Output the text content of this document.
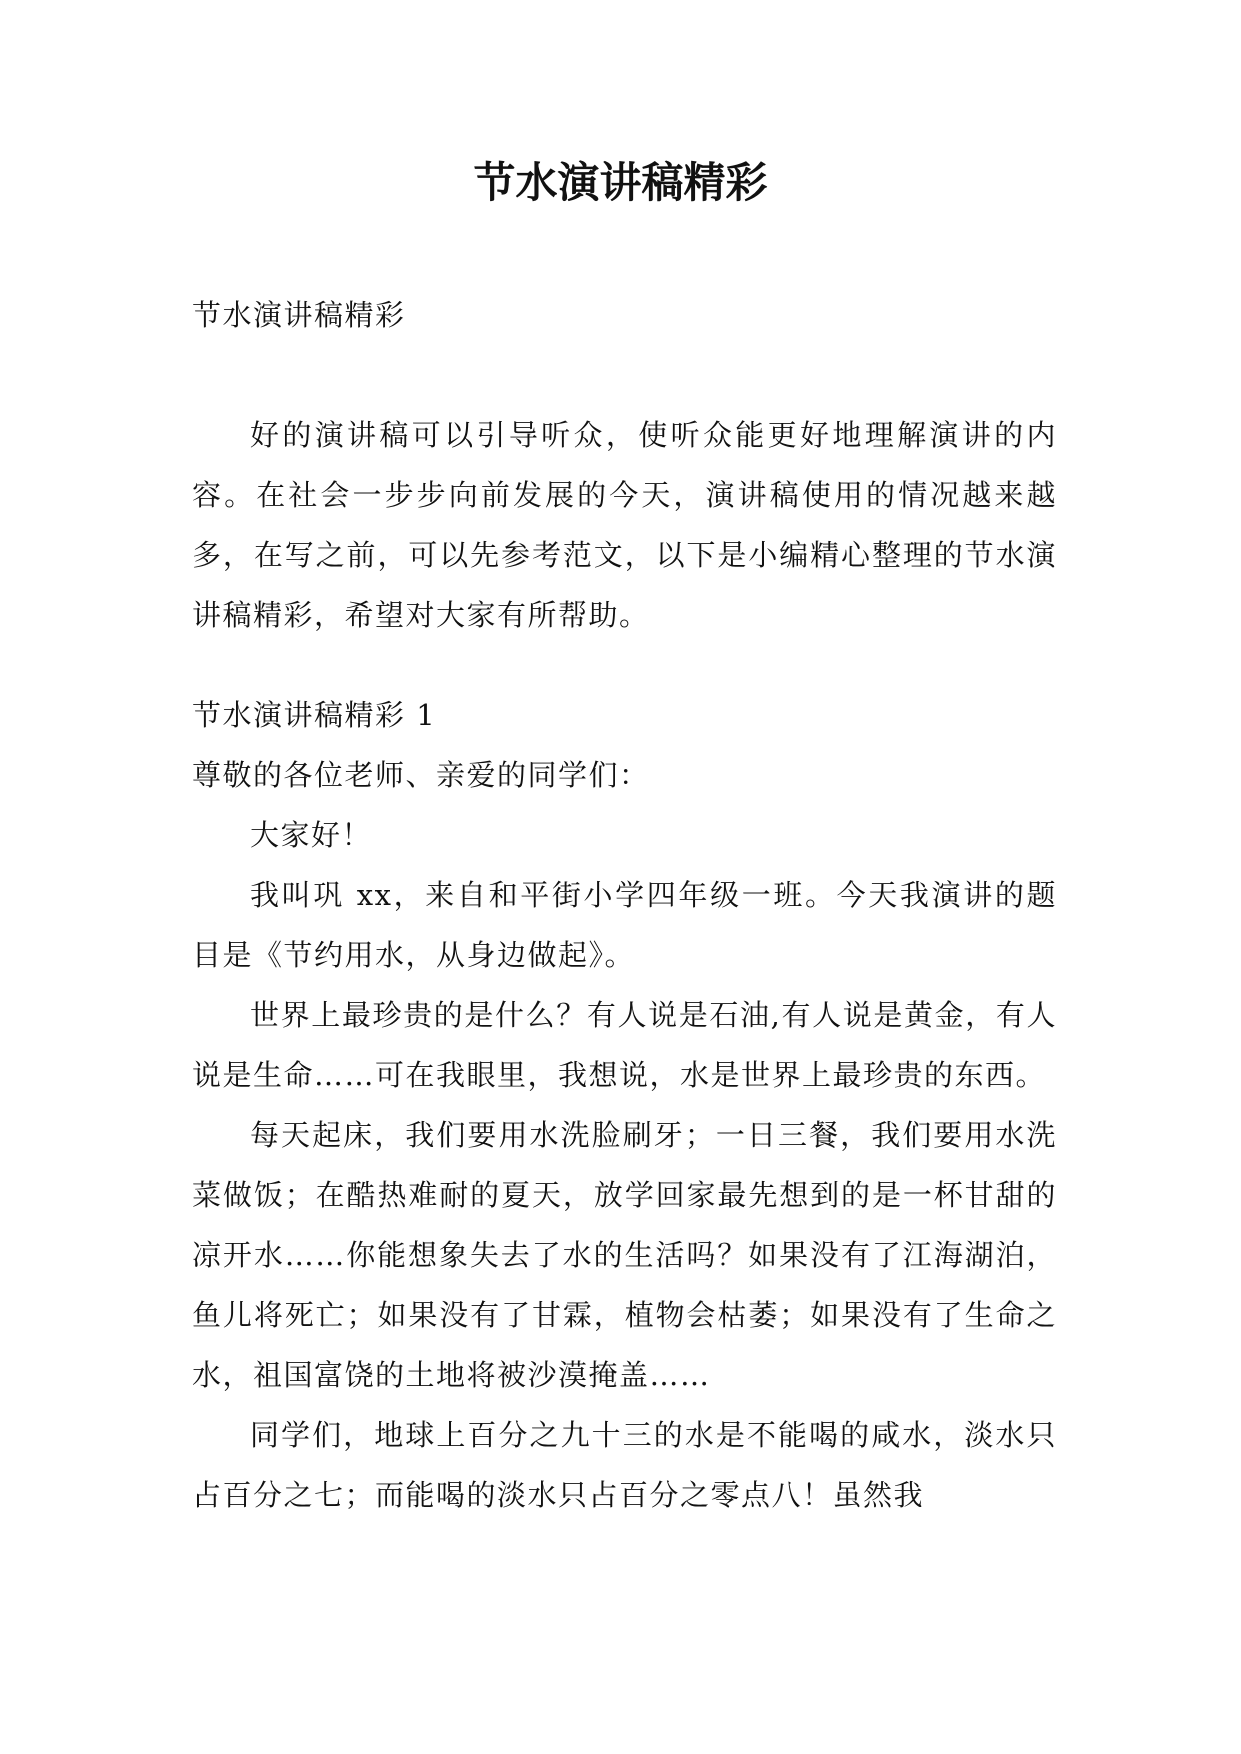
节水演讲稿精彩

节水演讲稿精彩

好的演讲稿可以引导听众，使听众能更好地理解演讲的内容。在社会一步步向前发展的今天，演讲稿使用的情况越来越多，在写之前，可以先参考范文，以下是小编精心整理的节水演讲稿精彩，希望对大家有所帮助。

节水演讲稿精彩 1

尊敬的各位老师、亲爱的同学们：

大家好！

我叫巩 xx，来自和平街小学四年级一班。今天我演讲的题目是《节约用水，从身边做起》。

世界上最珍贵的是什么？有人说是石油,有人说是黄金，有人说是生命……可在我眼里，我想说，水是世界上最珍贵的东西。

每天起床，我们要用水洗脸刷牙；一日三餐，我们要用水洗菜做饭；在酷热难耐的夏天，放学回家最先想到的是一杯甘甜的凉开水……你能想象失去了水的生活吗？如果没有了江海湖泊，鱼儿将死亡；如果没有了甘霖，植物会枯萎；如果没有了生命之水，祖国富饶的土地将被沙漠掩盖……

同学们，地球上百分之九十三的水是不能喝的咸水，淡水只占百分之七；而能喝的淡水只占百分之零点八！虽然我
